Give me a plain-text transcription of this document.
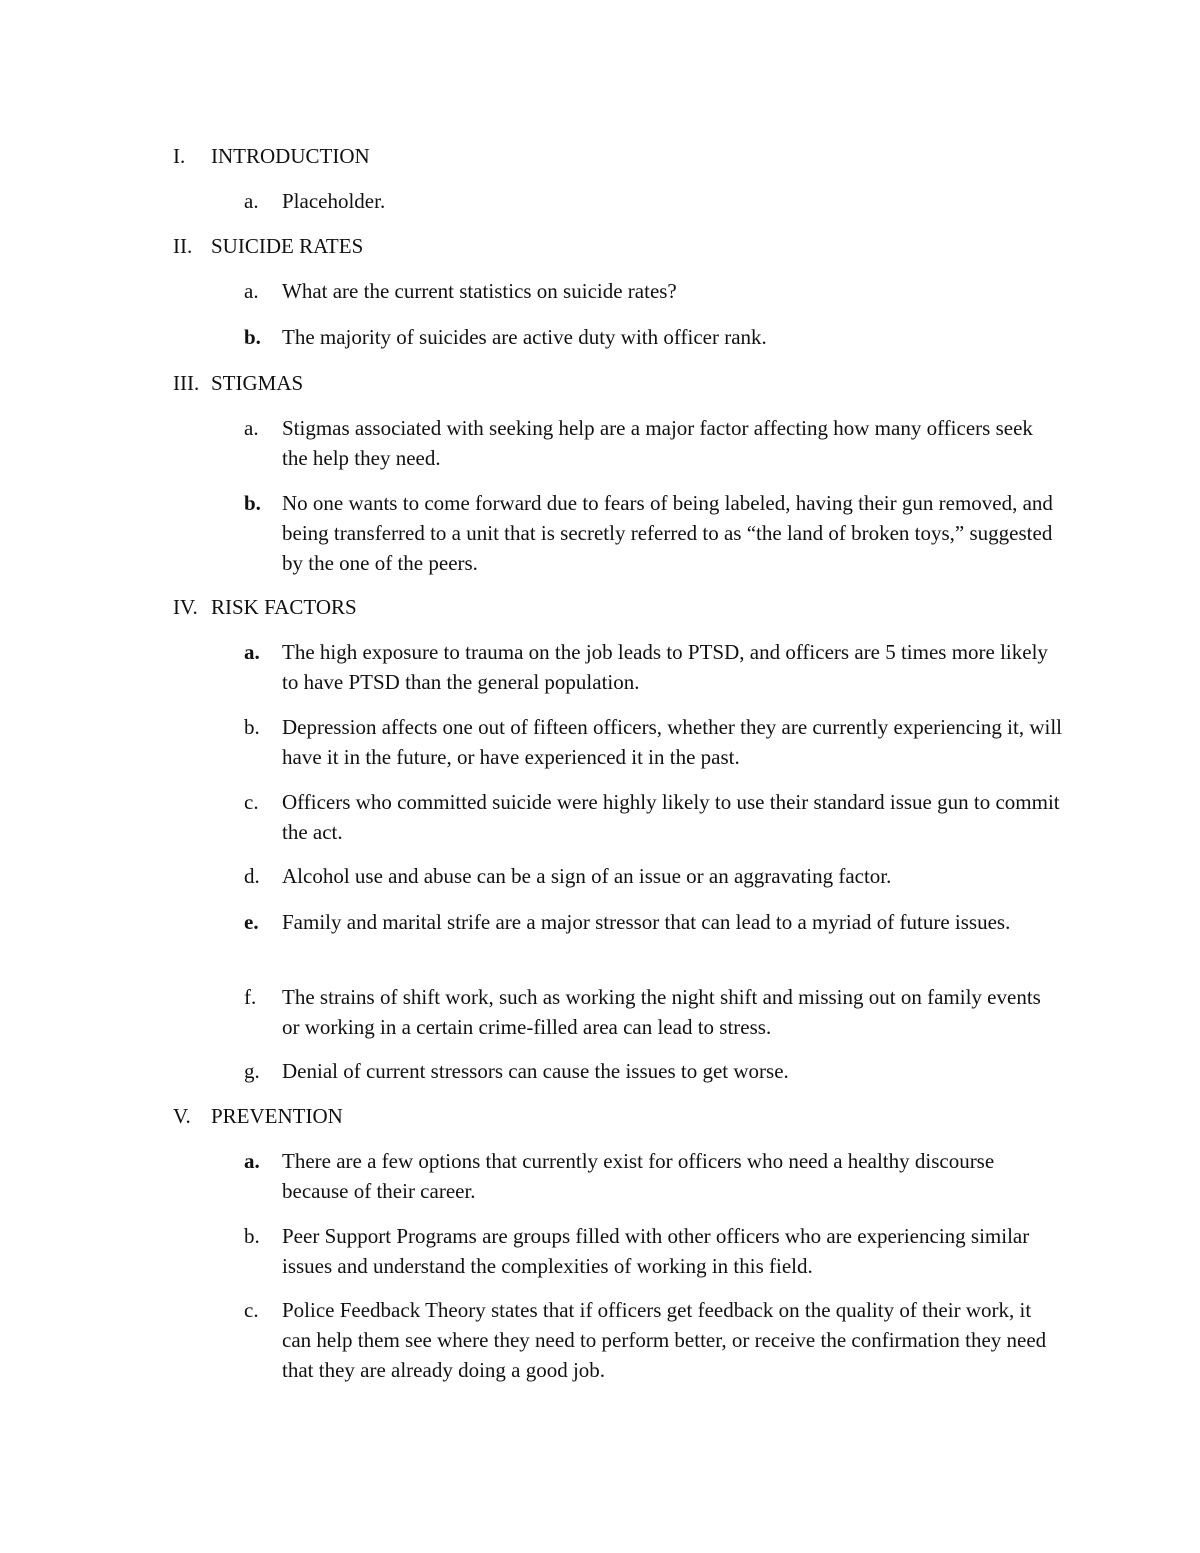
I. INTRODUCTION
a.	Placeholder.
II. SUICIDE RATES
a.	What are the current statistics on suicide rates?
b.	The majority of suicides are active duty with officer rank.
III. STIGMAS
a.	Stigmas associated with seeking help are a major factor affecting how many officers seek the help they need.
b.	No one wants to come forward due to fears of being labeled, having their gun removed, and being transferred to a unit that is secretly referred to as “the land of broken toys,” suggested by the one of the peers.
IV. RISK FACTORS
a.	The high exposure to trauma on the job leads to PTSD, and officers are 5 times more likely to have PTSD than the general population.
b.	Depression affects one out of fifteen officers, whether they are currently experiencing it, will have it in the future, or have experienced it in the past.
c.	Officers who committed suicide were highly likely to use their standard issue gun to commit the act.
d.	Alcohol use and abuse can be a sign of an issue or an aggravating factor.
e.	Family and marital strife are a major stressor that can lead to a myriad of future issues.
f.	The strains of shift work, such as working the night shift and missing out on family events or working in a certain crime-filled area can lead to stress.
g.	Denial of current stressors can cause the issues to get worse.
V. PREVENTION
a.	There are a few options that currently exist for officers who need a healthy discourse because of their career.
b.	Peer Support Programs are groups filled with other officers who are experiencing similar issues and understand the complexities of working in this field.
c.	Police Feedback Theory states that if officers get feedback on the quality of their work, it can help them see where they need to perform better, or receive the confirmation they need that they are already doing a good job.
